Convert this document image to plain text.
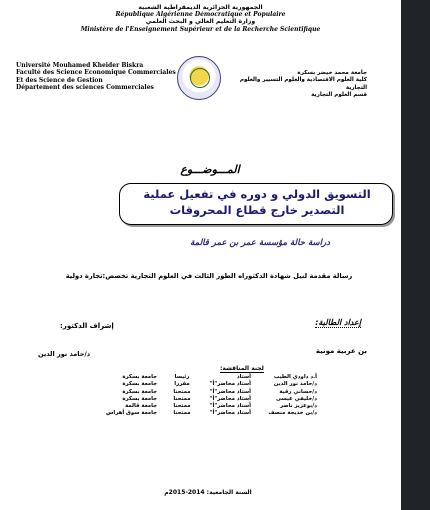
الجمهورية الجزائرية الديمقراطية الشعبية
République Algérienne Démocratique et Populaire
وزارة التعليم العالي و البحث العلمي
Ministère de l'Enseignement Supérieur et de la Recherche Scientifique
Université Mouhamed Kheider Biskra
Faculté des Science Economique Commerciales
Et des Science de Gestion
Département des sciences Commerciales
جامعة محمد خيضر بسكرة
كلية العلوم الاقتصادية والعلوم التسيير والعلوم التجارية
قسم العلوم التجارية
المـــوضـــوع
التسويق الدولي و دوره في تفعيل عملية التصدير خارج قطاع المحروقات
دراسة حالة مؤسسة عمر بن عمر قالمة
رسالة مقدمة لنيل شهادة الدكتوراه الطور الثالث في العلوم التجارية تخصص:تجارة دولية
إعداد الطالبة:
إشراف الدكتور:
بن عربية مونية
د/حامد نور الدين
لجنة المناقشة:
أ.د داودي الطيب	أستاذ	رئيسا	جامعة بسكرة
د/حامد نور الدين	أستاذ محاضر"أ"	مقررا	جامعة بسكرة
د/حساني رقية	أستاذ محاضر"أ"	ممتحنا	جامعة بسكرة
د/خليفي عيسى	أستاذ محاضر"أ"	ممتحنا	جامعة بسكرة
د/بوعزيز ناصر	أستاذ محاضر"أ"	ممتحنا	جامعة قالمة
د/بن خديجة منصف	أستاذ محاضر"أ"	ممتحنا	جامعة سوق أهراس
السنة الجامعية: 2014-2015م
